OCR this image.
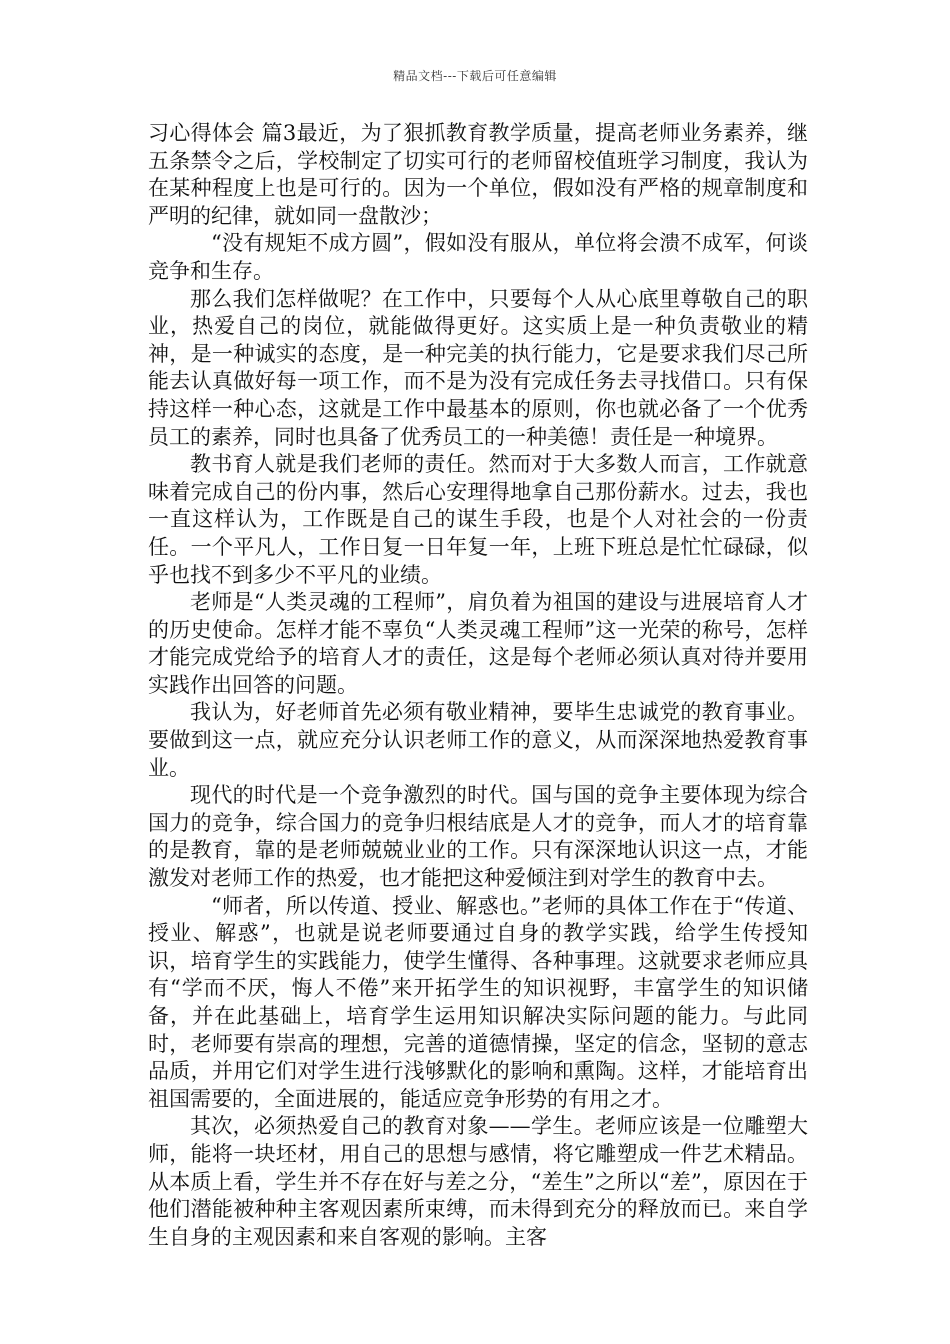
精品文档---下载后可任意编辑

习心得体会 篇3最近，为了狠抓教育教学质量，提高老师业务素养，继五条禁令之后，学校制定了切实可行的老师留校值班学习制度，我认为在某种程度上也是可行的。因为一个单位，假如没有严格的规章制度和严明的纪律，就如同一盘散沙；

“没有规矩不成方圆”，假如没有服从，单位将会溃不成军，何谈竞争和生存。

那么我们怎样做呢？在工作中，只要每个人从心底里尊敬自己的职业，热爱自己的岗位，就能做得更好。这实质上是一种负责敬业的精神，是一种诚实的态度，是一种完美的执行能力，它是要求我们尽己所能去认真做好每一项工作，而不是为没有完成任务去寻找借口。只有保持这样一种心态，这就是工作中最基本的原则，你也就必备了一个优秀员工的素养，同时也具备了优秀员工的一种美德！责任是一种境界。

教书育人就是我们老师的责任。然而对于大多数人而言，工作就意味着完成自己的份内事，然后心安理得地拿自己那份薪水。过去，我也一直这样认为，工作既是自己的谋生手段，也是个人对社会的一份责任。一个平凡人，工作日复一日年复一年，上班下班总是忙忙碌碌，似乎也找不到多少不平凡的业绩。

老师是“人类灵魂的工程师”，肩负着为祖国的建设与进展培育人才的历史使命。怎样才能不辜负“人类灵魂工程师”这一光荣的称号，怎样才能完成党给予的培育人才的责任，这是每个老师必须认真对待并要用实践作出回答的问题。

我认为，好老师首先必须有敬业精神，要毕生忠诚党的教育事业。要做到这一点，就应充分认识老师工作的意义，从而深深地热爱教育事业。

现代的时代是一个竞争激烈的时代。国与国的竞争主要体现为综合国力的竞争，综合国力的竞争归根结底是人才的竞争，而人才的培育靠的是教育，靠的是老师兢兢业业的工作。只有深深地认识这一点，才能激发对老师工作的热爱，也才能把这种爱倾注到对学生的教育中去。

“师者，所以传道、授业、解惑也。”老师的具体工作在于“传道、授业、解惑”，也就是说老师要通过自身的教学实践，给学生传授知识，培育学生的实践能力，使学生懂得、各种事理。这就要求老师应具有“学而不厌，悔人不倦”来开拓学生的知识视野，丰富学生的知识储备，并在此基础上，培育学生运用知识解决实际问题的能力。与此同时，老师要有崇高的理想，完善的道德情操，坚定的信念，坚韧的意志品质，并用它们对学生进行浅够默化的影响和熏陶。这样，才能培育出祖国需要的，全面进展的，能适应竞争形势的有用之才。

其次，必须热爱自己的教育对象——学生。老师应该是一位雕塑大师，能将一块坯材，用自己的思想与感情，将它雕塑成一件艺术精品。从本质上看，学生并不存在好与差之分，“差生”之所以“差”，原因在于他们潜能被种种主客观因素所束缚，而未得到充分的释放而已。来自学生自身的主观因素和来自客观的影响。主客
